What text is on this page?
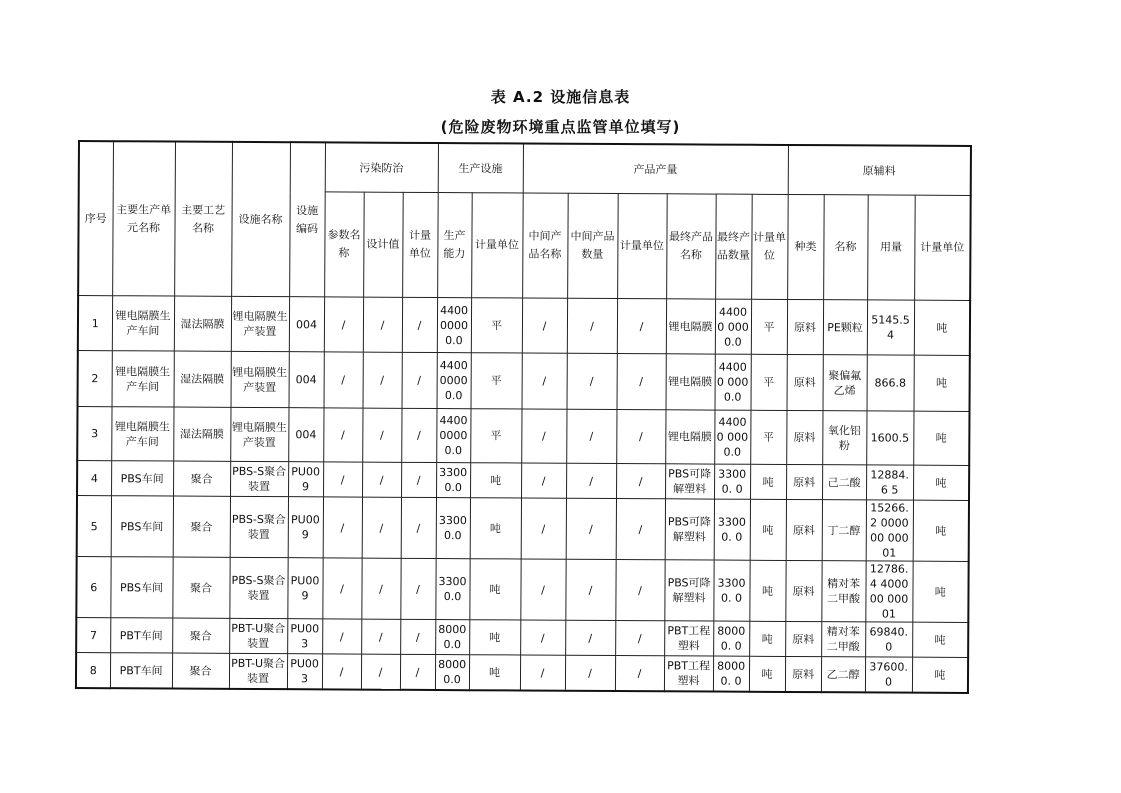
表 A.2 设施信息表
(危险废物环境重点监管单位填写)
序号	主要生产单元名称	主要工艺名称	设施名称	设施编码	污染防治			生产设施		产品产量						原辅料			
					参数名称	设计值	计量单位	生产能力	计量单位	中间产品名称	中间产品数量	计量单位	最终产品名称	最终产品数量	计量单位	种类	名称	用量	计量单位
1	锂电隔膜生产车间	湿法隔膜	锂电隔膜生产装置	004	/	/	/	44000000 0.0	平	/	/	/	锂电隔膜	44000 0000.0	平	原料	PE颗粒	5145.54	吨
2	锂电隔膜生产车间	湿法隔膜	锂电隔膜生产装置	004	/	/	/	44000000 0.0	平	/	/	/	锂电隔膜	44000 0000.0	平	原料	聚偏氟乙烯	866.8	吨
3	锂电隔膜生产车间	湿法隔膜	锂电隔膜生产装置	004	/	/	/	44000000 0.0	平	/	/	/	锂电隔膜	44000 0000.0	平	原料	氧化铝粉	1600.5	吨
4	PBS车间	聚合	PBS-S聚合装置	PU009	/	/	/	3300 0.0	吨	/	/	/	PBS可降解塑料	33000. 0	吨	原料	己二酸	12884.6 5	吨
5	PBS车间	聚合	PBS-S聚合装置	PU009	/	/	/	3300 0.0	吨	/	/	/	PBS可降解塑料	33000. 0	吨	原料	丁二醇	15266.2 000000 00001	吨
6	PBS车间	聚合	PBS-S聚合装置	PU009	/	/	/	3300 0.0	吨	/	/	/	PBS可降解塑料	33000. 0	吨	原料	精对苯二甲酸	12786.4 400000 00001	吨
7	PBT车间	聚合	PBT-U聚合装置	PU003	/	/	/	8000 0.0	吨	/	/	/	PBT工程塑料	80000. 0	吨	原料	精对苯二甲酸	69840.0	吨
8	PBT车间	聚合	PBT-U聚合装置	PU003	/	/	/	8000 0.0	吨	/	/	/	PBT工程塑料	80000. 0	吨	原料	乙二醇	37600.0	吨
